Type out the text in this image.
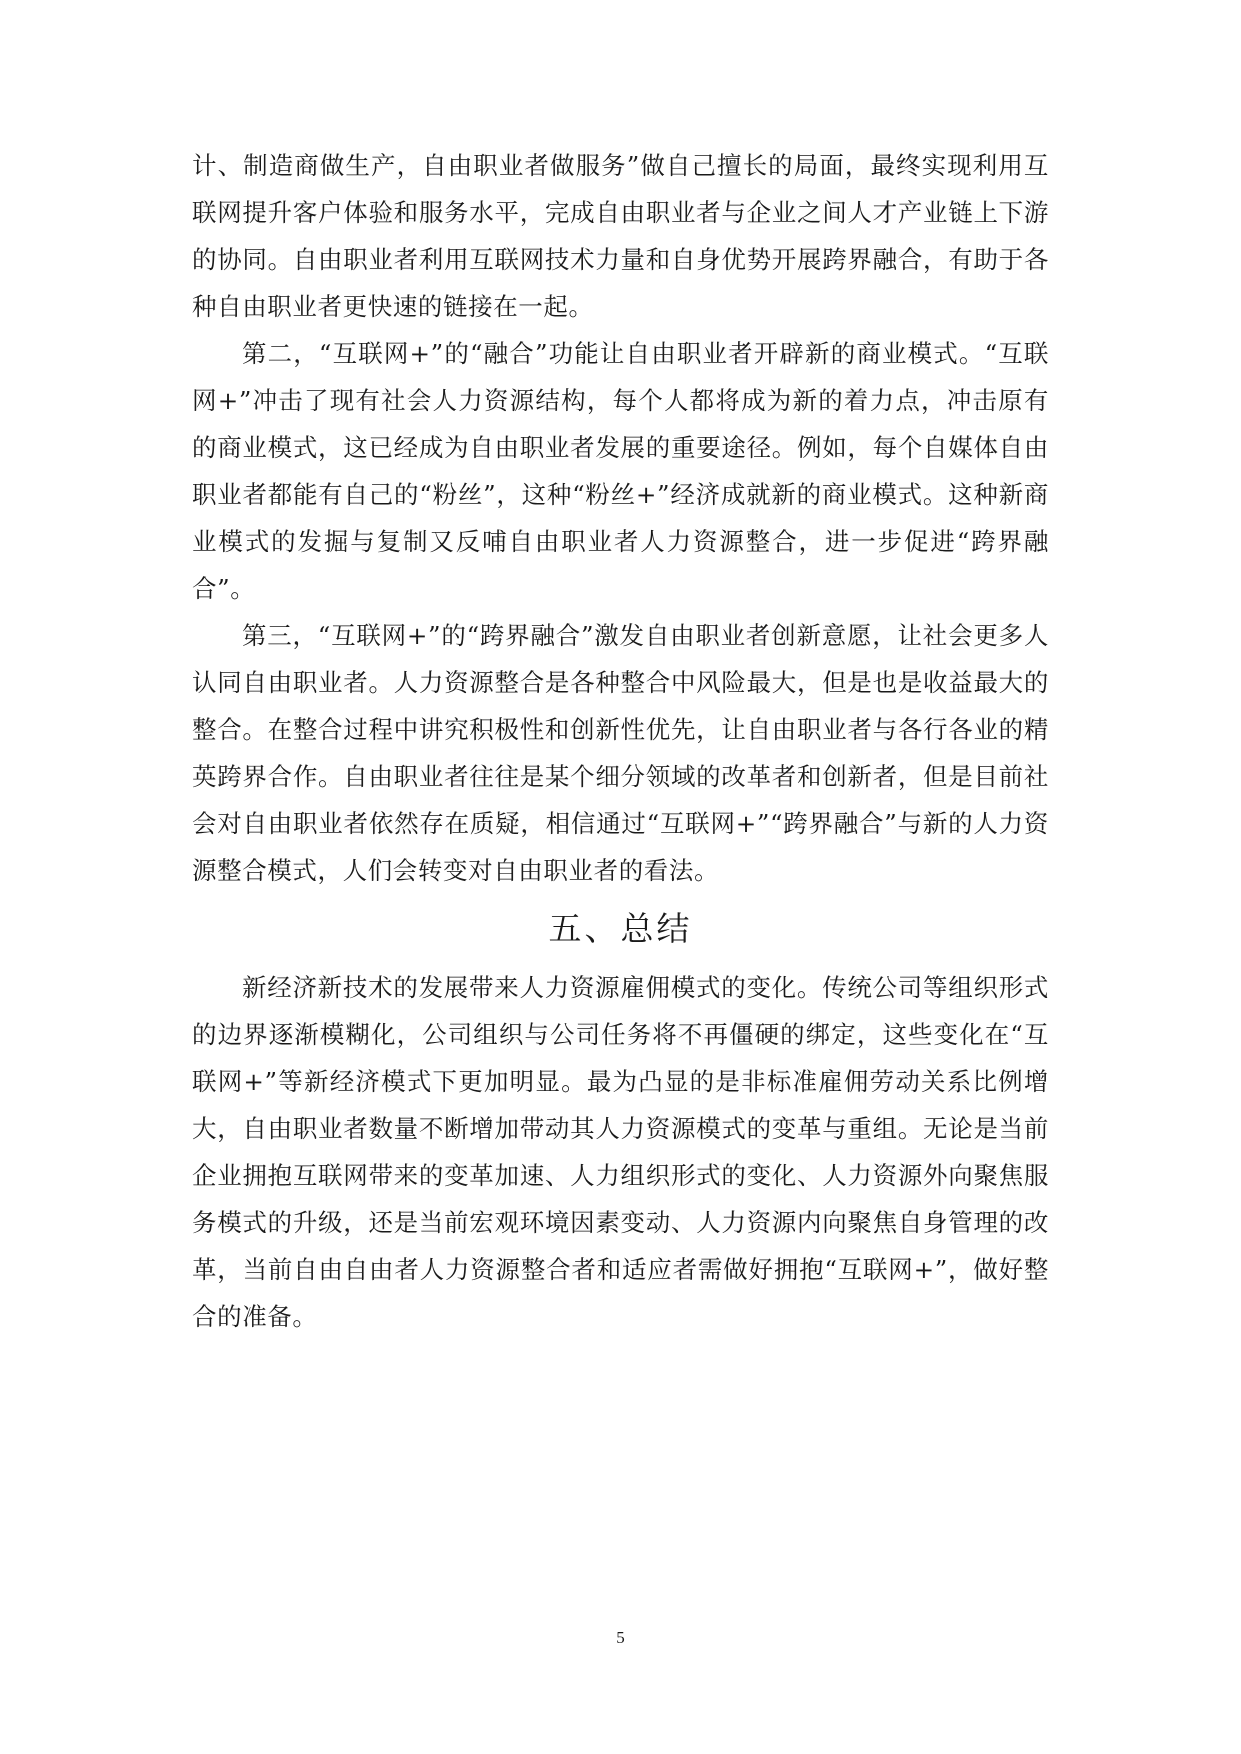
计、制造商做生产，自由职业者做服务”做自己擅长的局面，最终实现利用互联网提升客户体验和服务水平，完成自由职业者与企业之间人才产业链上下游的协同。自由职业者利用互联网技术力量和自身优势开展跨界融合，有助于各种自由职业者更快速的链接在一起。

第二，“互联网+”的“融合”功能让自由职业者开辟新的商业模式。“互联网+”冲击了现有社会人力资源结构，每个人都将成为新的着力点，冲击原有的商业模式，这已经成为自由职业者发展的重要途径。例如，每个自媒体自由职业者都能有自己的“粉丝”，这种“粉丝+”经济成就新的商业模式。这种新商业模式的发掘与复制又反哺自由职业者人力资源整合，进一步促进“跨界融合”。

第三，“互联网+”的“跨界融合”激发自由职业者创新意愿，让社会更多人认同自由职业者。人力资源整合是各种整合中风险最大，但是也是收益最大的整合。在整合过程中讲究积极性和创新性优先，让自由职业者与各行各业的精英跨界合作。自由职业者往往是某个细分领域的改革者和创新者，但是目前社会对自由职业者依然存在质疑，相信通过“互联网+”“跨界融合”与新的人力资源整合模式，人们会转变对自由职业者的看法。

五、总结

新经济新技术的发展带来人力资源雇佣模式的变化。传统公司等组织形式的边界逐渐模糊化，公司组织与公司任务将不再僵硬的绑定，这些变化在“互联网+”等新经济模式下更加明显。最为凸显的是非标准雇佣劳动关系比例增大，自由职业者数量不断增加带动其人力资源模式的变革与重组。无论是当前企业拥抱互联网带来的变革加速、人力组织形式的变化、人力资源外向聚焦服务模式的升级，还是当前宏观环境因素变动、人力资源内向聚焦自身管理的改革，当前自由自由者人力资源整合者和适应者需做好拥抱“互联网+”，做好整合的准备。

5
